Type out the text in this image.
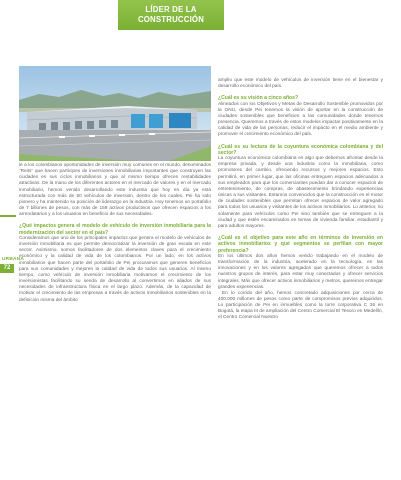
LÍDER DE LA
CONSTRUCCIÓN
URBANA
72

le a los colombianos oportunidades de inversión muy comunes en el mundo, denominados “Reits” que hacen partícipes de inversiones inmobiliarias importantes que construyen las ciudades en sus ciclos inmobiliarios y que al mismo tiempo ofrecen rentabilidades atractivas. De la mano de los diferentes actores en el mercado de valores y en el mercado inmobiliario, hemos venido desarrollando este industria que hoy en día ya está estructurada con más de 50 vehículos de inversión, dentro de los cuales, Pei ha sido pionero y ha mantenido su posición de liderazgo en la industria. Hoy tenemos un portafolio de 7 billones de pesos, con más de 159 activos productivos que ofrecen espacios a los arrendatarios y a los usuarios en beneficio de sus necesidades.

¿Qué impactos genera el modelo de vehículo de inversión inmobiliaria para la modernización del sector en el país?

Consideramos que uno de los principales impactos que genera el modelo de vehículos de inversión inmobiliaria es que permite democratizar la inversión de gran escala en este sector. Asimismo, somos facilitadores de dos elementos claves para el crecimiento económico y la calidad de vida de los colombianos. Por un lado, en los activos inmobiliarios que hacen parte del portafolio de Pei procuramos que generen beneficios para sus comunidades y mejoren la calidad de vida de todos sus usuarios. Al mismo tiempo, como vehículo de inversión inmobiliaria motivamos el crecimiento de los inversionistas facilitando su senda de desarrollo al convertirnos en aliados de sus necesidades de infraestructura física en el largo plazo. Además, de la capacidad de motivar el crecimiento de las empresas a través de activos inmobiliarios sostenibles en la definición misma del ámbito

amplio que este modelo de vehículos de inversión tiene en el bienestar y desarrollo económico del país.

¿Cuál es su visión a cinco años?

Alineados con los Objetivos y Metas de Desarrollo Sostenible promovidos por la ONU, desde Pei tenemos la visión de aportar en la construcción de ciudades sostenibles que beneficien a las comunidades donde tenemos presencia. Queremos a través de estos modelos impactar positivamente en la calidad de vida de las personas, reducir el impacto en el medio ambiente y promover el crecimiento económico del país.

¿Cuál es su lectura de la coyuntura económica colombiana y del sector?

La coyuntura económica colombiana es algo que debemos afrontar desde la empresa privada, y desde una industria como la inmobiliaria, como promotores del cambio, ofreciendo recursos y mejores espacios. Esto permitirá, en primer lugar, que las oficinas entreguen espacios adecuados a sus empleados para que los comerciantes puedan dar a conocer espacios de entretenimiento, de compras, de abastecimiento brindando experiencias únicas a sus visitantes. Estamos convencidos que la construcción es el motor de ciudades sostenibles que permitan ofrecer espacios de valor agregado para todos los usuarios y visitantes de los activos inmobiliarios. Lo anterior, no solamente para vehículos como Pei sino también que se entreguen a la ciudad y que estén encaminados en temas de vivienda familiar, estudiantil y para adultos mayores.

¿Cuál es el objetivo para este año en términos de inversión en activos inmobiliarios y qué segmentos se perfilan con mayor preferencia?

En los últimos dos años hemos venido trabajando en el modelo de transformación de la industria, acelerado en la tecnología, en las innovaciones y en los valores agregados que queremos ofrecer a todos nuestros grupos de interés, para estar muy conectados y ofrecer servicios integrales. Más que ofrecer activos inmobiliarios y metros, queremos entregar grandes experiencias.

En lo corrido del año, hemos concretado adquisiciones por cerca de 400.000 millones de pesos como parte de compromisos previos adquiridos. Lo participación de Pei en inmuebles como la torre corporativa C 36 en Bogotá, la etapa III de ampliación del Centro Comercial El Tesoro en Medellín, el Centro Comercial Nuestro
